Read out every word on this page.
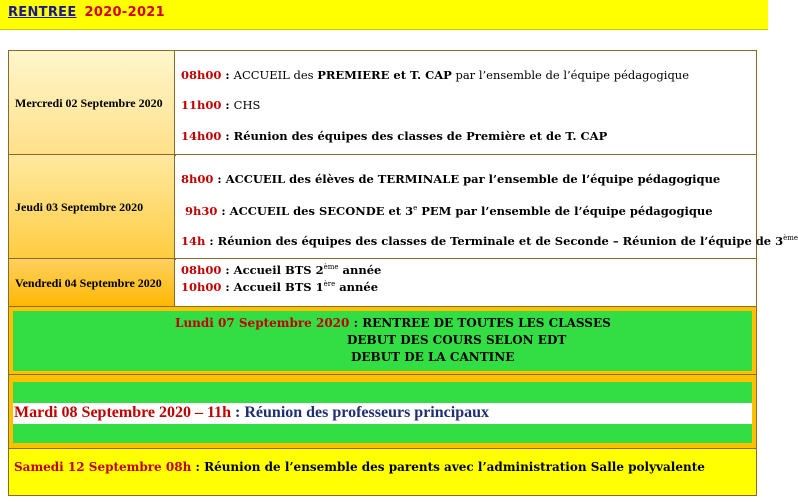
RENTREE 2020-2021
Mercredi 02 Septembre 2020
08h00 : ACCUEIL des PREMIERE et T. CAP par l’ensemble de l’équipe pédagogique
11h00 : CHS
14h00 : Réunion des équipes des classes de Première et de T. CAP
Jeudi 03 Septembre 2020
8h00 : ACCUEIL des élèves de TERMINALE par l’ensemble de l’équipe pédagogique
9h30 : ACCUEIL des SECONDE et 3e PEM par l’ensemble de l’équipe pédagogique
14h : Réunion des équipes des classes de Terminale et de Seconde – Réunion de l’équipe de 3ème
Vendredi 04 Septembre 2020
08h00 : Accueil BTS 2ème année
10h00 : Accueil BTS 1ère année
Lundi 07 Septembre 2020 : RENTREE DE TOUTES LES CLASSES
DEBUT DES COURS SELON EDT
DEBUT DE LA CANTINE
Mardi 08 Septembre 2020 – 11h : Réunion des professeurs principaux
Samedi 12 Septembre 08h : Réunion de l’ensemble des parents avec l’administration Salle polyvalente
